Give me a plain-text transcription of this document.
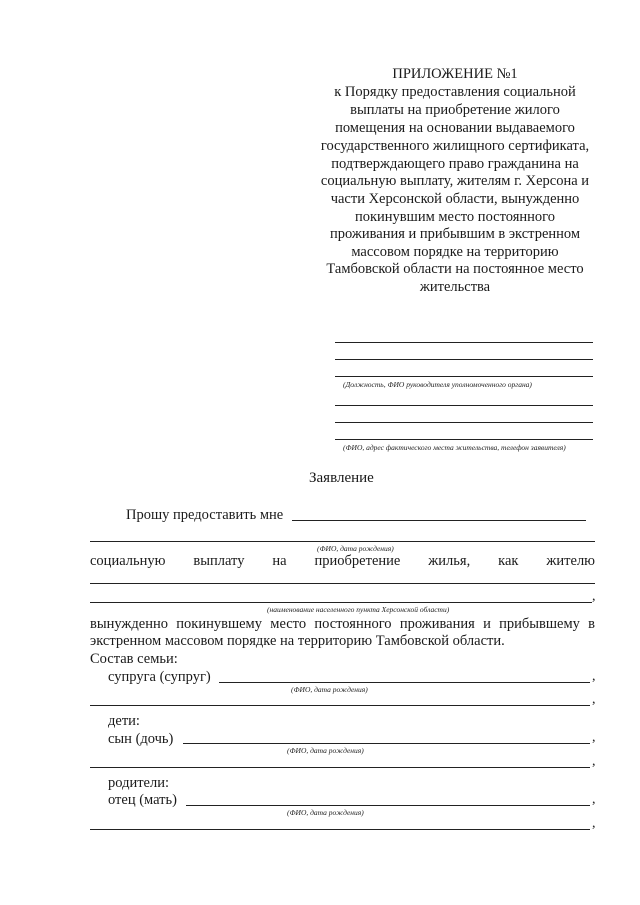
ПРИЛОЖЕНИЕ №1
к Порядку предоставления социальной
выплаты на приобретение жилого
помещения на основании выдаваемого
государственного жилищного сертификата,
подтверждающего право гражданина на
социальную выплату, жителям г. Херсона и
части Херсонской области, вынужденно
покинувшим место постоянного
проживания и прибывшим в экстренном
массовом порядке на территорию
Тамбовской области на постоянное место
жительства
(Должность, ФИО руководителя уполномоченного органа)
(ФИО, адрес фактического места жительства, телефон заявителя)
Заявление
Прошу предоставить мне
(ФИО, дата рождения)
социальную выплату на приобретение жилья, как жителю
,
(наименование населенного пункта Херсонской области)
вынужденно покинувшему место постоянного проживания и прибывшему в
экстренном массовом порядке на территорию Тамбовской области.
Состав семьи:
супруга (супруг)	,
(ФИО, дата рождения)
,
дети:
сын (дочь)	,
(ФИО, дата рождения)
,
родители:
отец (мать)	,
(ФИО, дата рождения)
,
